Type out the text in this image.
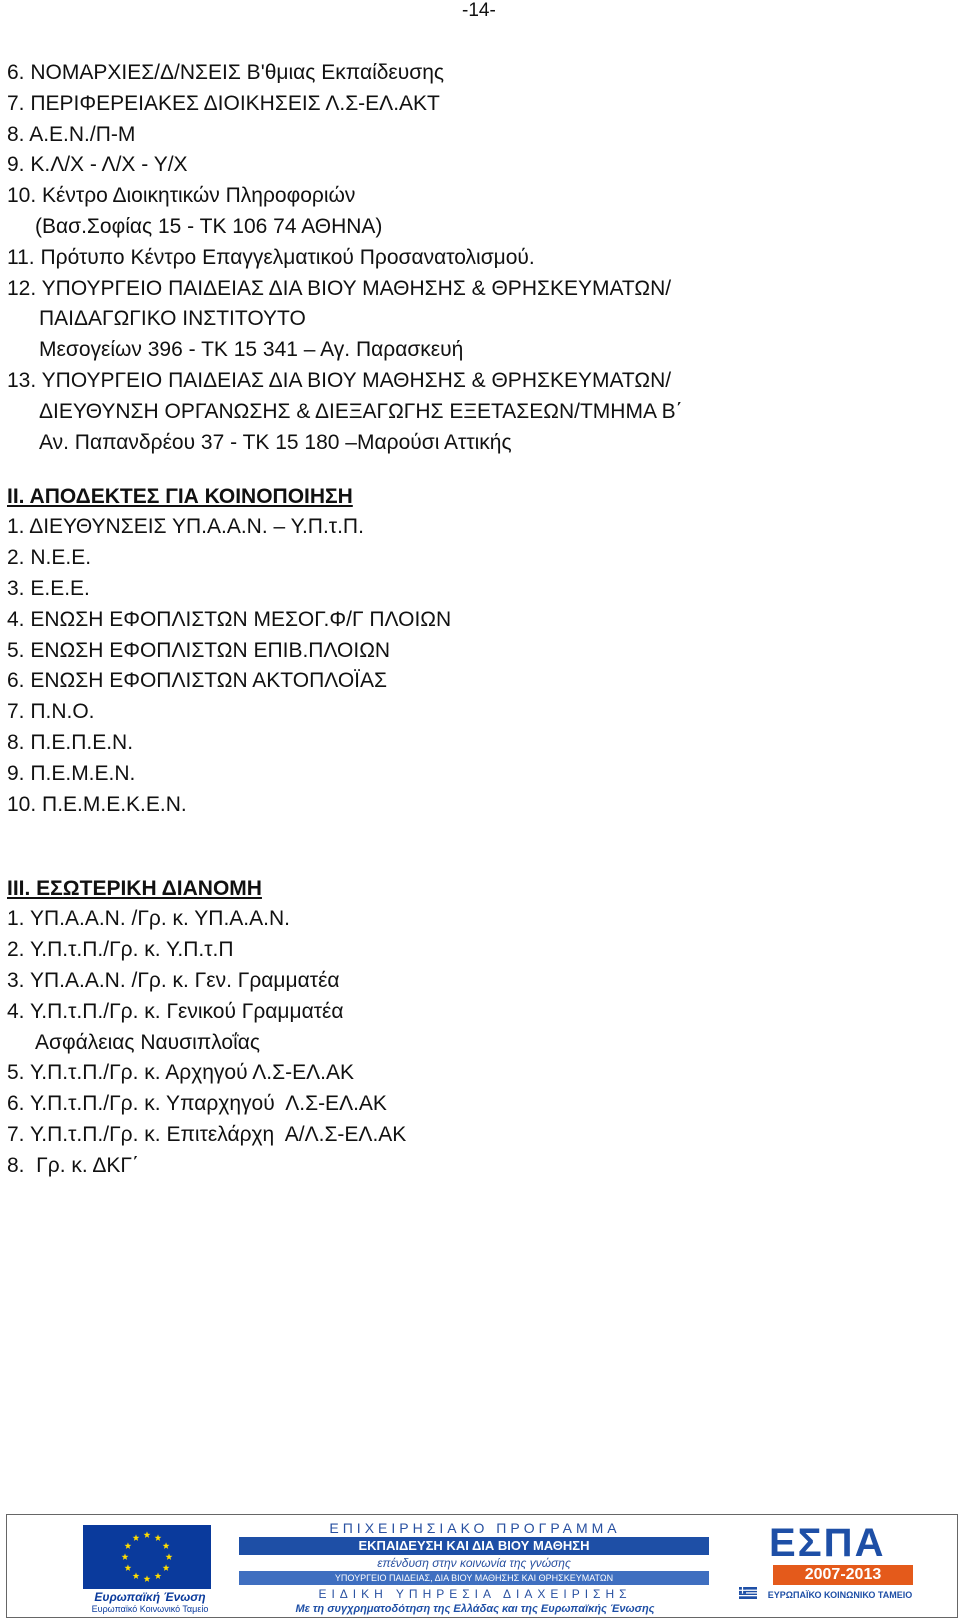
-14-
6. ΝΟΜΑΡΧΙΕΣ/Δ/ΝΣΕΙΣ Β'θμιας Εκπαίδευσης
7. ΠΕΡΙΦΕΡΕΙΑΚΕΣ ΔΙΟΙΚΗΣΕΙΣ Λ.Σ-ΕΛ.ΑΚΤ
8. Α.Ε.Ν./Π-Μ
9. Κ.Λ/Χ - Λ/Χ - Υ/Χ
10. Κέντρο Διοικητικών Πληροφοριών
(Βασ.Σοφίας 15 - ΤΚ 106 74 ΑΘΗΝΑ)
11. Πρότυπο Κέντρο Επαγγελματικού Προσανατολισμού.
12. ΥΠΟΥΡΓΕΙΟ ΠΑΙΔΕΙΑΣ ΔΙΑ ΒΙΟΥ ΜΑΘΗΣΗΣ & ΘΡΗΣΚΕΥΜΑΤΩΝ/
ΠΑΙΔΑΓΩΓΙΚΟ ΙΝΣΤΙΤΟΥΤΟ
Μεσογείων 396 - ΤΚ 15 341 – Αγ. Παρασκευή
13. ΥΠΟΥΡΓΕΙΟ ΠΑΙΔΕΙΑΣ ΔΙΑ ΒΙΟΥ ΜΑΘΗΣΗΣ & ΘΡΗΣΚΕΥΜΑΤΩΝ/
ΔΙΕΥΘΥΝΣΗ ΟΡΓΑΝΩΣΗΣ & ΔΙΕΞΑΓΩΓΗΣ ΕΞΕΤΑΣΕΩΝ/ΤΜΗΜΑ Β΄
Αν. Παπανδρέου 37 - ΤΚ 15 180 –Μαρούσι Αττικής
ΙΙ. ΑΠΟΔΕΚΤΕΣ ΓΙΑ ΚΟΙΝΟΠΟΙΗΣΗ
1. ΔΙΕΥΘΥΝΣΕΙΣ ΥΠ.Α.Α.Ν. – Υ.Π.τ.Π.
2. Ν.Ε.Ε.
3. Ε.Ε.Ε.
4. ΕΝΩΣΗ ΕΦΟΠΛΙΣΤΩΝ ΜΕΣΟΓ.Φ/Γ ΠΛΟΙΩΝ
5. ΕΝΩΣΗ ΕΦΟΠΛΙΣΤΩΝ ΕΠΙΒ.ΠΛΟΙΩΝ
6. ΕΝΩΣΗ ΕΦΟΠΛΙΣΤΩΝ ΑΚΤΟΠΛΟΪΑΣ
7. Π.Ν.Ο.
8. Π.Ε.Π.Ε.Ν.
9. Π.Ε.Μ.Ε.Ν.
10. Π.Ε.Μ.Ε.Κ.Ε.Ν.
ΙΙΙ. ΕΣΩΤΕΡΙΚΗ ΔΙΑΝΟΜΗ
1. ΥΠ.Α.Α.Ν. /Γρ. κ. ΥΠ.Α.Α.Ν.
2. Υ.Π.τ.Π./Γρ. κ. Υ.Π.τ.Π
3. ΥΠ.Α.Α.Ν. /Γρ. κ. Γεν. Γραμματέα
4. Υ.Π.τ.Π./Γρ. κ. Γενικού Γραμματέα
Ασφάλειας Ναυσιπλοΐας
5. Υ.Π.τ.Π./Γρ. κ. Αρχηγού Λ.Σ-ΕΛ.ΑΚ
6. Υ.Π.τ.Π./Γρ. κ. Υπαρχηγού  Λ.Σ-ΕΛ.ΑΚ
7. Υ.Π.τ.Π./Γρ. κ. Επιτελάρχη  Α/Λ.Σ-ΕΛ.ΑΚ
8.  Γρ. κ. ΔΚΓ΄
Ευρωπαϊκή Ένωση
Ευρωπαϊκό Κοινωνικό Ταμείο
ΕΠΙΧΕΙΡΗΣΙΑΚΟ ΠΡΟΓΡΑΜΜΑ
ΕΚΠΑΙΔΕΥΣΗ ΚΑΙ ΔΙΑ ΒΙΟΥ ΜΑΘΗΣΗ
επένδυση στην κοινωνία της γνώσης
ΥΠΟΥΡΓΕΙΟ ΠΑΙΔΕΙΑΣ, ΔΙΑ ΒΙΟΥ ΜΑΘΗΣΗΣ ΚΑΙ ΘΡΗΣΚΕΥΜΑΤΩΝ
ΕΙΔΙΚΗ ΥΠΗΡΕΣΙΑ ΔΙΑΧΕΙΡΙΣΗΣ
Με τη συγχρηματοδότηση της Ελλάδας και της Ευρωπαϊκής Ένωσης
ΕΣΠΑ
2007-2013
ΕΥΡΩΠΑΪΚΟ ΚΟΙΝΩΝΙΚΟ ΤΑΜΕΙΟ
